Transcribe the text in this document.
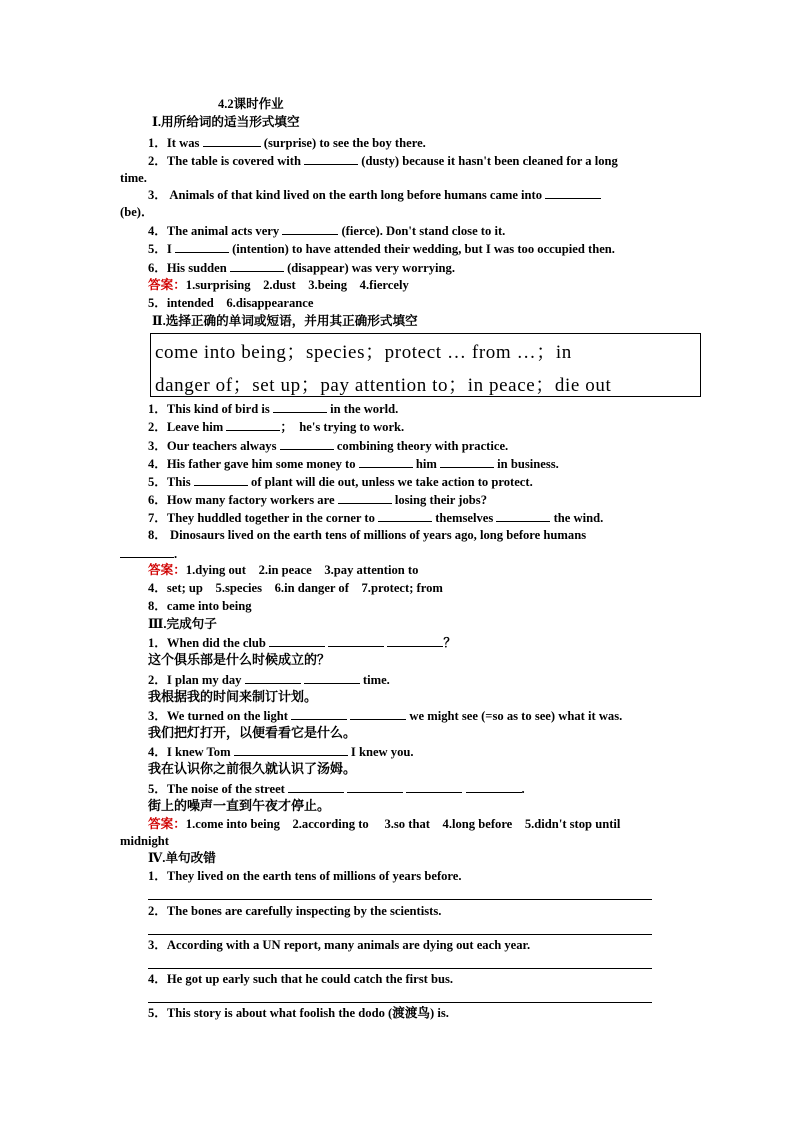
4.2课时作业
Ⅰ.用所给词的适当形式填空
1．It was	(surprise) to see the boy there.
2．The table is covered with	(dusty) because it hasn't been cleaned for a long
time.
3． Animals of that kind lived on the earth long before humans came into
(be)．
4．The animal acts very	(fierce). Don't stand close to it.
5．I	(intention) to have attended their wedding, but I was too occupied then.
6．His sudden	(disappear) was very worrying.
答案：1.surprising　2.dust　3.being　4.fiercely
5．intended　6.disappearance
Ⅱ.选择正确的单词或短语，并用其正确形式填空
come into being；species；protect … from …；in
danger of；set up；pay attention to；in peace；die out
1．This kind of bird is	in the world.
2．Leave him	；　he's trying to work.
3．Our teachers always	combining theory with practice.
4．His father gave him some money to	him	in business.
5．This	of plant will die out, unless we take action to protect.
6．How many factory workers are	losing their jobs?
7．They huddled together in the corner to	themselves	the wind.
8． Dinosaurs lived on the earth tens of millions of years ago, long before humans
.
答案：1.dying out　2.in peace　3.pay attention to
4．set; up　5.species　6.in danger of　7.protect; from
8．came into being
Ⅲ.完成句子
1．When did the club	？
这个俱乐部是什么时候成立的？
2．I plan my day	time.
我根据我的时间来制订计划。
3．We turned on the light	we might see (=so as to see) what it was.
我们把灯打开，以便看看它是什么。
4．I knew Tom	I knew you.
我在认识你之前很久就认识了汤姆。
5．The noise of the street	.
街上的噪声一直到午夜才停止。
答案：1.come into being　2.according to　 3.so that　4.long before　5.didn't stop until
midnight
Ⅳ.单句改错
1．They lived on the earth tens of millions of years before.
2．The bones are carefully inspecting by the scientists.
3．According with a UN report, many animals are dying out each year.
4．He got up early such that he could catch the first bus.
5．This story is about what foolish the dodo (渡渡鸟) is.
